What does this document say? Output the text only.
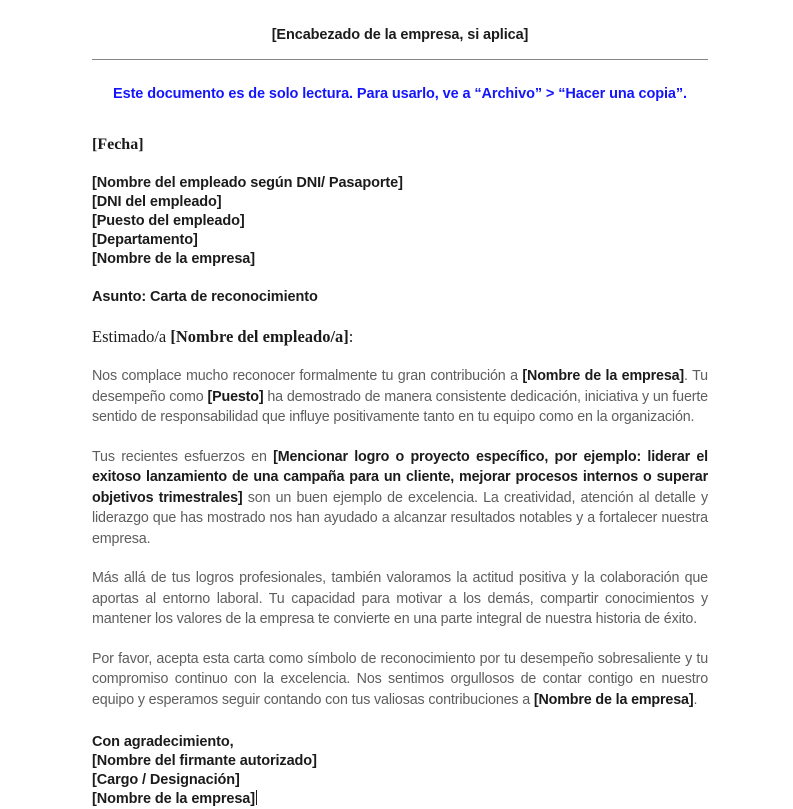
[Encabezado de la empresa, si aplica]
Este documento es de solo lectura. Para usarlo, ve a “Archivo” > “Hacer una copia”.
[Fecha]
[Nombre del empleado según DNI/ Pasaporte]
[DNI del empleado]
[Puesto del empleado]
[Departamento]
[Nombre de la empresa]
Asunto: Carta de reconocimiento
Estimado/a [Nombre del empleado/a]:
Nos complace mucho reconocer formalmente tu gran contribución a [Nombre de la empresa]. Tu desempeño como [Puesto] ha demostrado de manera consistente dedicación, iniciativa y un fuerte sentido de responsabilidad que influye positivamente tanto en tu equipo como en la organización.
Tus recientes esfuerzos en [Mencionar logro o proyecto específico, por ejemplo: liderar el exitoso lanzamiento de una campaña para un cliente, mejorar procesos internos o superar objetivos trimestrales] son un buen ejemplo de excelencia. La creatividad, atención al detalle y liderazgo que has mostrado nos han ayudado a alcanzar resultados notables y a fortalecer nuestra empresa.
Más allá de tus logros profesionales, también valoramos la actitud positiva y la colaboración que aportas al entorno laboral. Tu capacidad para motivar a los demás, compartir conocimientos y mantener los valores de la empresa te convierte en una parte integral de nuestra historia de éxito.
Por favor, acepta esta carta como símbolo de reconocimiento por tu desempeño sobresaliente y tu compromiso continuo con la excelencia. Nos sentimos orgullosos de contar contigo en nuestro equipo y esperamos seguir contando con tus valiosas contribuciones a [Nombre de la empresa].
Con agradecimiento,
[Nombre del firmante autorizado]
[Cargo / Designación]
[Nombre de la empresa]
